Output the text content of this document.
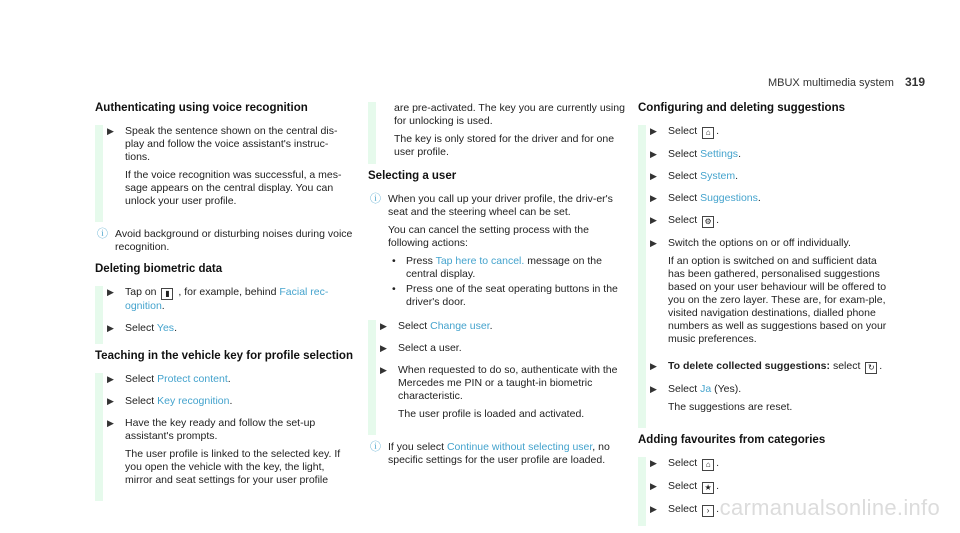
MBUX multimedia system 319
Authenticating using voice recognition
▶	Speak the sentence shown on the central dis-play and follow the voice assistant's instruc-tions.

If the voice recognition was successful, a mes-sage appears on the central display. You can unlock your user profile.

ⓘ Avoid background or disturbing noises during voice recognition.
Deleting biometric data
▶	Tap on ▮ , for example, behind Facial rec-ognition.
▶	Select Yes.
Teaching in the vehicle key for profile selection
▶	Select Protect content.
▶	Select Key recognition.
▶	Have the key ready and follow the set-up assistant's prompts.

The user profile is linked to the selected key. If you open the vehicle with the key, the light, mirror and seat settings for your user profile

are pre-activated. The key you are currently using for unlocking is used.

The key is only stored for the driver and for one user profile.

Selecting a user
ⓘ When you call up your driver profile, the driv-er's seat and the steering wheel can be set.

You can cancel the setting process with the following actions:

• Press Tap here to cancel. message on the central display.
• Press one of the seat operating buttons in the driver's door.
▶	Select Change user.
▶	Select a user.
▶	When requested to do so, authenticate with the Mercedes me PIN or a taught-in biometric characteristic.

The user profile is loaded and activated.

ⓘ If you select Continue without selecting user, no specific settings for the user profile are loaded.
Configuring and deleting suggestions
▶	Select ⌂ .
▶	Select Settings.
▶	Select System.
▶	Select Suggestions.
▶	Select ⚙ .
▶	Switch the options on or off individually.

If an option is switched on and sufficient data has been gathered, personalised suggestions based on your user behaviour will be offered to you on the zero layer. These are, for exam-ple, visited navigation destinations, dialled phone numbers as well as suggestions based on your music preferences.

▶	To delete collected suggestions: select ↻ .
▶	Select Ja (Yes).

The suggestions are reset.

Adding favourites from categories
▶	Select ⌂ .
▶	Select ★ .
▶	Select › . carmanualsonline.info
